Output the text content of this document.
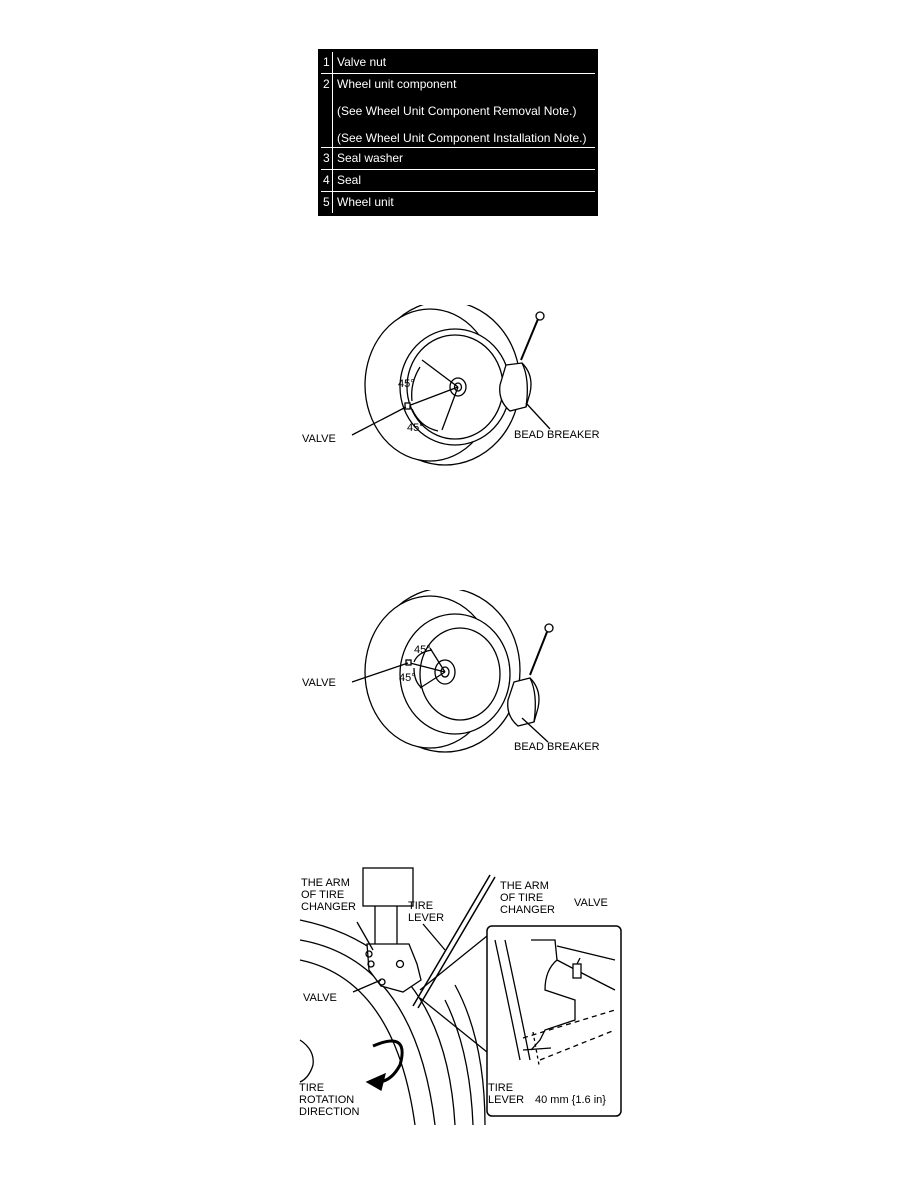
1 Valve nut
2 Wheel unit component
(See Wheel Unit Component Removal Note.)
(See Wheel Unit Component Installation Note.)
3 Seal washer
4 Seal
5 Wheel unit
45°
45°
VALVE	BEAD BREAKER
45°
45°
VALVE
BEAD BREAKER
THE ARM
OF TIRE
CHANGER	TIRE
LEVER
THE ARM
OF TIRE
CHANGER
VALVE
VALVE
TIRE
LEVER 40 mm {1.6 in}
TIRE
ROTATION
DIRECTION
